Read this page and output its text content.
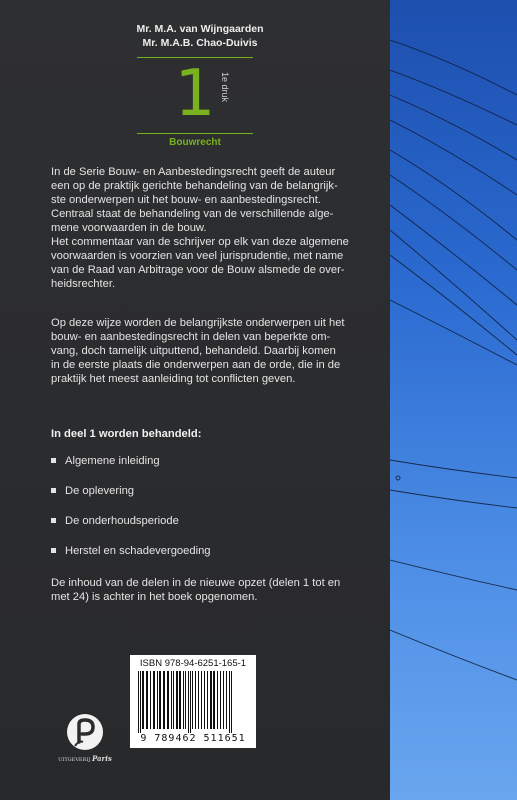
Mr. M.A. van Wijngaarden
Mr. M.A.B. Chao-Duivis
1 1e druk
Bouwrecht
In de Serie Bouw- en Aanbestedingsrecht geeft de auteur
een op de praktijk gerichte behandeling van de belangrijk-
ste onderwerpen uit het bouw- en aanbestedingsrecht.
Centraal staat de behandeling van de verschillende alge-
mene voorwaarden in de bouw.
Het commentaar van de schrijver op elk van deze algemene
voorwaarden is voorzien van veel jurisprudentie, met name
van de Raad van Arbitrage voor de Bouw alsmede de over-
heidsrechter.
Op deze wijze worden de belangrijkste onderwerpen uit het
bouw- en aanbestedingsrecht in delen van beperkte om-
vang, doch tamelijk uitputtend, behandeld. Daarbij komen
in de eerste plaats die onderwerpen aan de orde, die in de
praktijk het meest aanleiding tot conflicten geven.
In deel 1 worden behandeld:
Algemene inleiding
De oplevering
De onderhoudsperiode
Herstel en schadevergoeding
De inhoud van de delen in de nieuwe opzet (delen 1 tot en
met 24) is achter in het boek opgenomen.
UITGEVERIJ Paris
ISBN 978-94-6251-165-1
9 789462 511651
